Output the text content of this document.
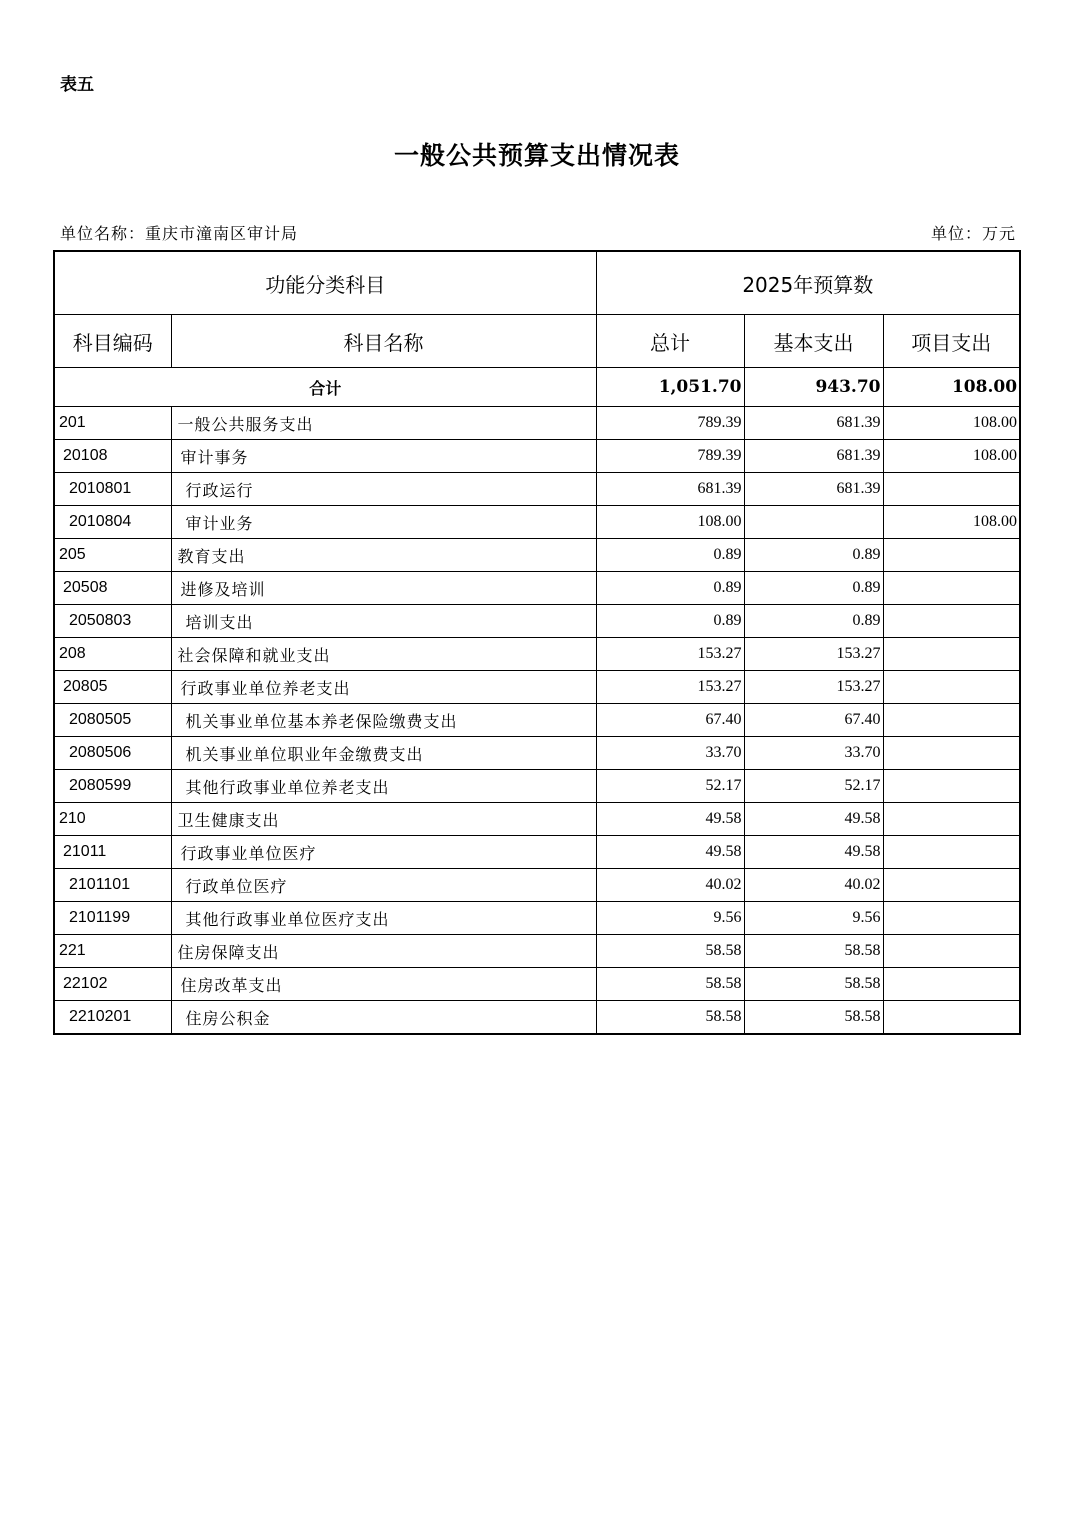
表五
一般公共预算支出情况表
单位名称：重庆市潼南区审计局	单位：万元
功能分类科目		2025年预算数		
科目编码	科目名称	总计	基本支出	项目支出
合计		1,051.70	943.70	108.00
201	一般公共服务支出	789.39	681.39	108.00
20108	审计事务	789.39	681.39	108.00
2010801	行政运行	681.39	681.39	
2010804	审计业务	108.00		108.00
205	教育支出	0.89	0.89	
20508	进修及培训	0.89	0.89	
2050803	培训支出	0.89	0.89	
208	社会保障和就业支出	153.27	153.27	
20805	行政事业单位养老支出	153.27	153.27	
2080505	机关事业单位基本养老保险缴费支出	67.40	67.40	
2080506	机关事业单位职业年金缴费支出	33.70	33.70	
2080599	其他行政事业单位养老支出	52.17	52.17	
210	卫生健康支出	49.58	49.58	
21011	行政事业单位医疗	49.58	49.58	
2101101	行政单位医疗	40.02	40.02	
2101199	其他行政事业单位医疗支出	9.56	9.56	
221	住房保障支出	58.58	58.58	
22102	住房改革支出	58.58	58.58	
2210201	住房公积金	58.58	58.58	
